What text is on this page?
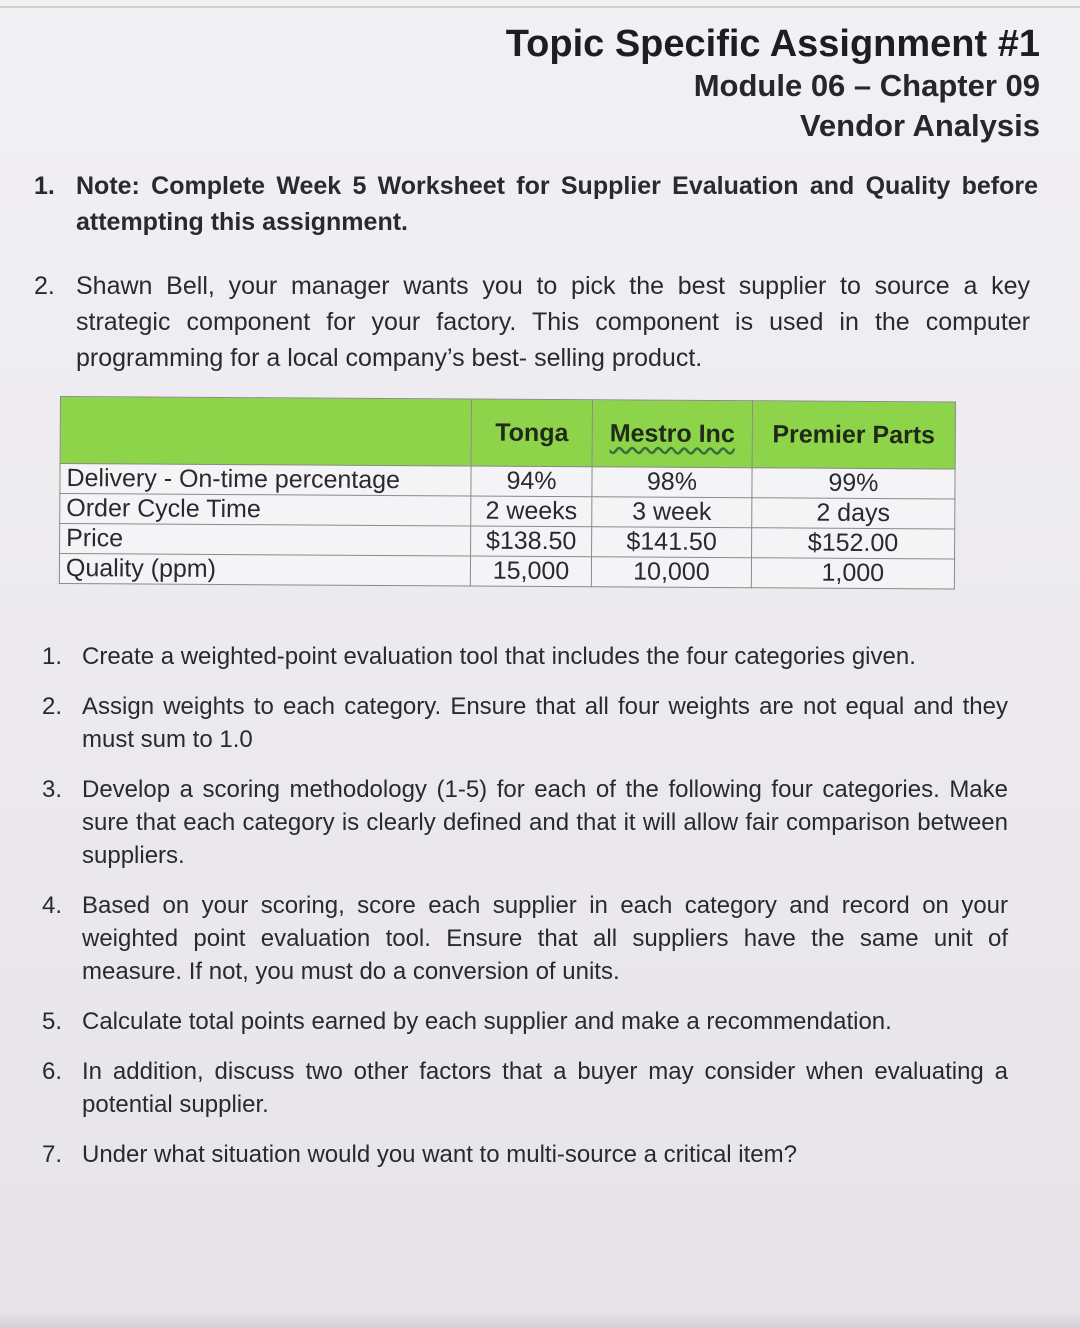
Topic Specific Assignment #1
Module 06 – Chapter 09
Vendor Analysis
1. Note: Complete Week 5 Worksheet for Supplier Evaluation and Quality before attempting this assignment.
2. Shawn Bell, your manager wants you to pick the best supplier to source a key strategic component for your factory. This component is used in the computer programming for a local company’s best- selling product.
	Tonga	Mestro Inc	Premier Parts
Delivery - On-time percentage	94%	98%	99%
Order Cycle Time	2 weeks	3 week	2 days
Price	$138.50	$141.50	$152.00
Quality (ppm)	15,000	10,000	1,000
1. Create a weighted-point evaluation tool that includes the four categories given.
2. Assign weights to each category. Ensure that all four weights are not equal and they must sum to 1.0
3. Develop a scoring methodology (1-5) for each of the following four categories. Make sure that each category is clearly defined and that it will allow fair comparison between suppliers.
4. Based on your scoring, score each supplier in each category and record on your weighted point evaluation tool. Ensure that all suppliers have the same unit of measure. If not, you must do a conversion of units.
5. Calculate total points earned by each supplier and make a recommendation.
6. In addition, discuss two other factors that a buyer may consider when evaluating a potential supplier.
7. Under what situation would you want to multi-source a critical item?
